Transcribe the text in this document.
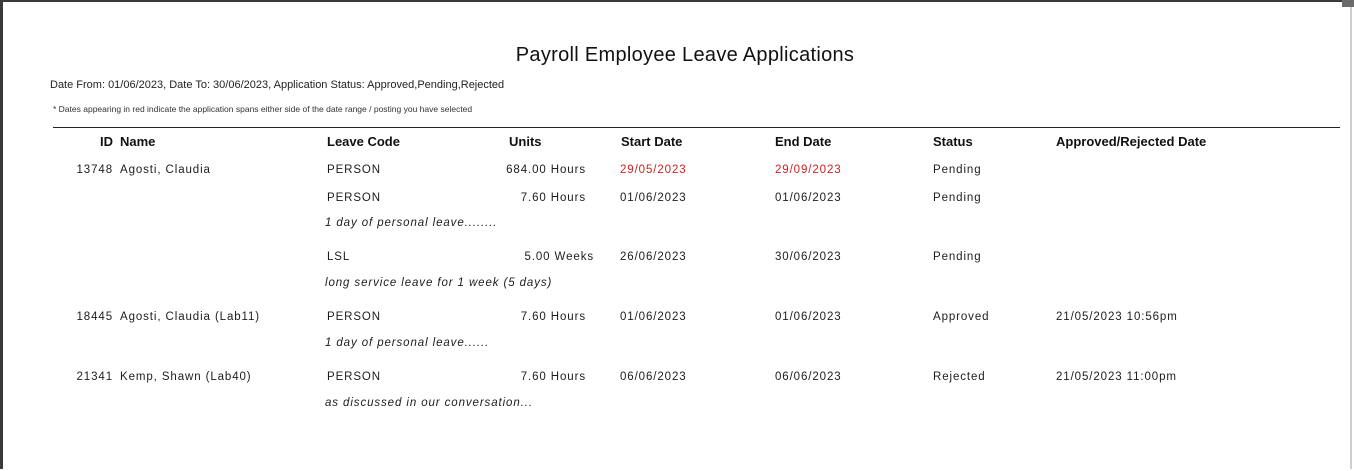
Payroll Employee Leave Applications
Date From: 01/06/2023, Date To: 30/06/2023, Application Status: Approved,Pending,Rejected
* Dates appearing in red indicate the application spans either side of the date range / posting you have selected
ID Name	Leave Code	Units	Start Date	End Date	Status	Approved/Rejected Date
13748 Agosti, Claudia	PERSON	684.00 Hours	29/05/2023	29/09/2023	Pending
PERSON	7.60 Hours	01/06/2023	01/06/2023	Pending
1 day of personal leave........
LSL	5.00 Weeks 26/06/2023	30/06/2023	Pending
long service leave for 1 week (5 days)
18445 Agosti, Claudia (Lab11)	PERSON	7.60 Hours	01/06/2023	01/06/2023	Approved	21/05/2023 10:56pm
1 day of personal leave......
21341 Kemp, Shawn (Lab40)	PERSON	7.60 Hours	06/06/2023	06/06/2023	Rejected	21/05/2023 11:00pm
as discussed in our conversation...
